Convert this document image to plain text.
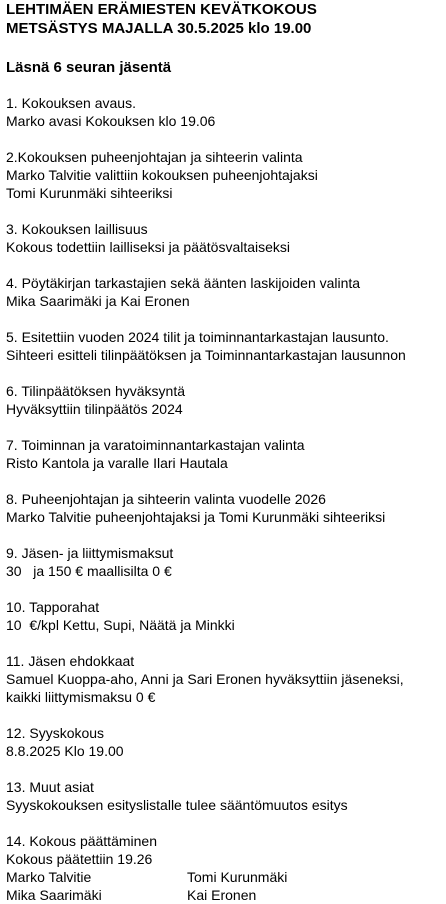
LEHTIMÄEN ERÄMIESTEN KEVÄTKOKOUS
METSÄSTYS MAJALLA 30.5.2025 klo 19.00
Läsnä 6 seuran jäsentä
1. Kokouksen avaus.
Marko avasi Kokouksen klo 19.06
2.Kokouksen puheenjohtajan ja sihteerin valinta
Marko Talvitie valittiin kokouksen puheenjohtajaksi
Tomi Kurunmäki sihteeriksi
3. Kokouksen laillisuus
Kokous todettiin lailliseksi ja päätösvaltaiseksi
4. Pöytäkirjan tarkastajien sekä äänten laskijoiden valinta
Mika Saarimäki ja Kai Eronen
5. Esitettiin vuoden 2024 tilit ja toiminnantarkastajan lausunto.
Sihteeri esitteli tilinpäätöksen ja Toiminnantarkastajan lausunnon
6. Tilinpäätöksen hyväksyntä
Hyväksyttiin tilinpäätös 2024
7. Toiminnan ja varatoiminnantarkastajan valinta
Risto Kantola ja varalle Ilari Hautala
8. Puheenjohtajan ja sihteerin valinta vuodelle 2026
Marko Talvitie puheenjohtajaksi ja Tomi Kurunmäki sihteeriksi
9. Jäsen- ja liittymismaksut
30   ja 150 € maallisilta 0 €
10. Tapporahat
10  €/kpl Kettu, Supi, Näätä ja Minkki
11. Jäsen ehdokkaat
Samuel Kuoppa-aho, Anni ja Sari Eronen hyväksyttiin jäseneksi,
kaikki liittymismaksu 0 €
12. Syyskokous
8.8.2025 Klo 19.00
13. Muut asiat
Syyskokouksen esityslistalle tulee sääntömuutos esitys
14. Kokous päättäminen
Kokous päätettiin 19.26
Marko Talvitie	Tomi Kurunmäki
Mika Saarimäki	Kai Eronen
